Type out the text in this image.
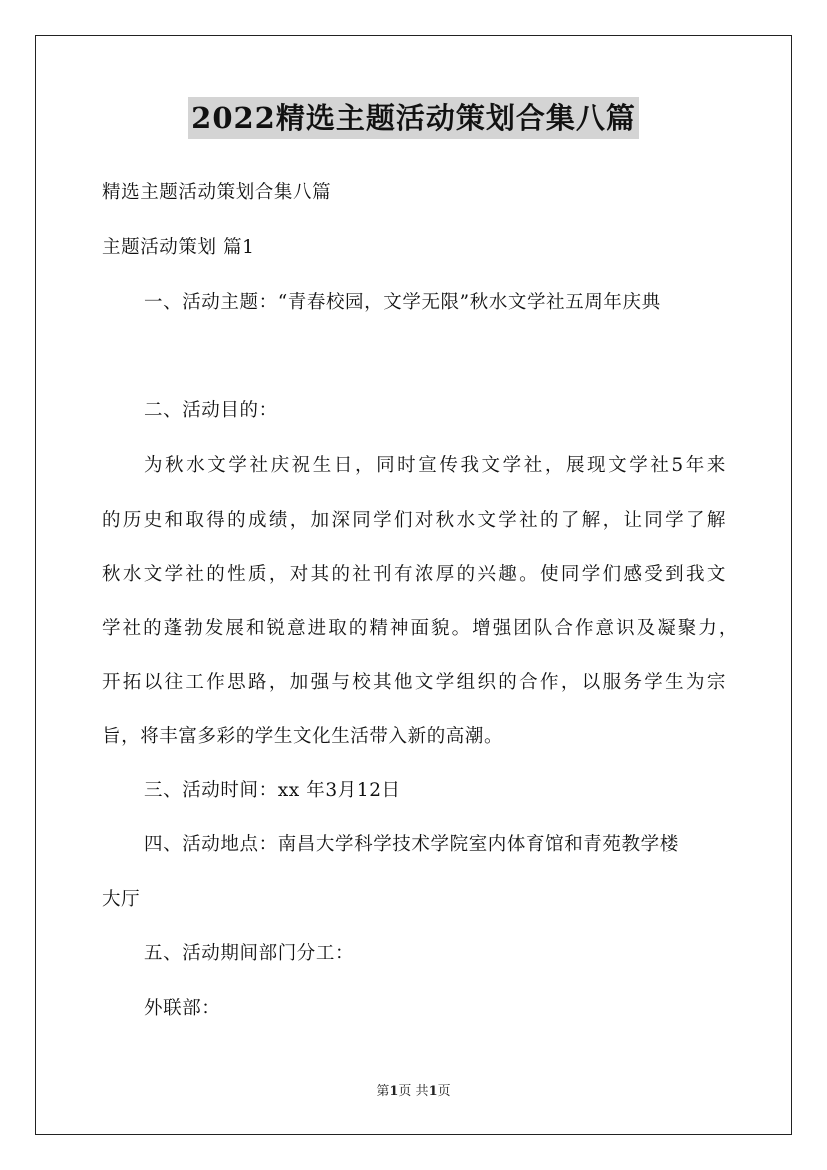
2022精选主题活动策划合集八篇
精选主题活动策划合集八篇
主题活动策划 篇1
一、活动主题：“青春校园，文学无限”秋水文学社五周年庆典
二、活动目的：
为秋水文学社庆祝生日，同时宣传我文学社，展现文学社5年来
的历史和取得的成绩，加深同学们对秋水文学社的了解，让同学了解
秋水文学社的性质，对其的社刊有浓厚的兴趣。使同学们感受到我文
学社的蓬勃发展和锐意进取的精神面貌。增强团队合作意识及凝聚力，
开拓以往工作思路，加强与校其他文学组织的合作，以服务学生为宗
旨，将丰富多彩的学生文化生活带入新的高潮。
三、活动时间：xx 年3月12日
四、活动地点：南昌大学科学技术学院室内体育馆和青苑教学楼
大厅
五、活动期间部门分工：
外联部：
第1页 共1页
